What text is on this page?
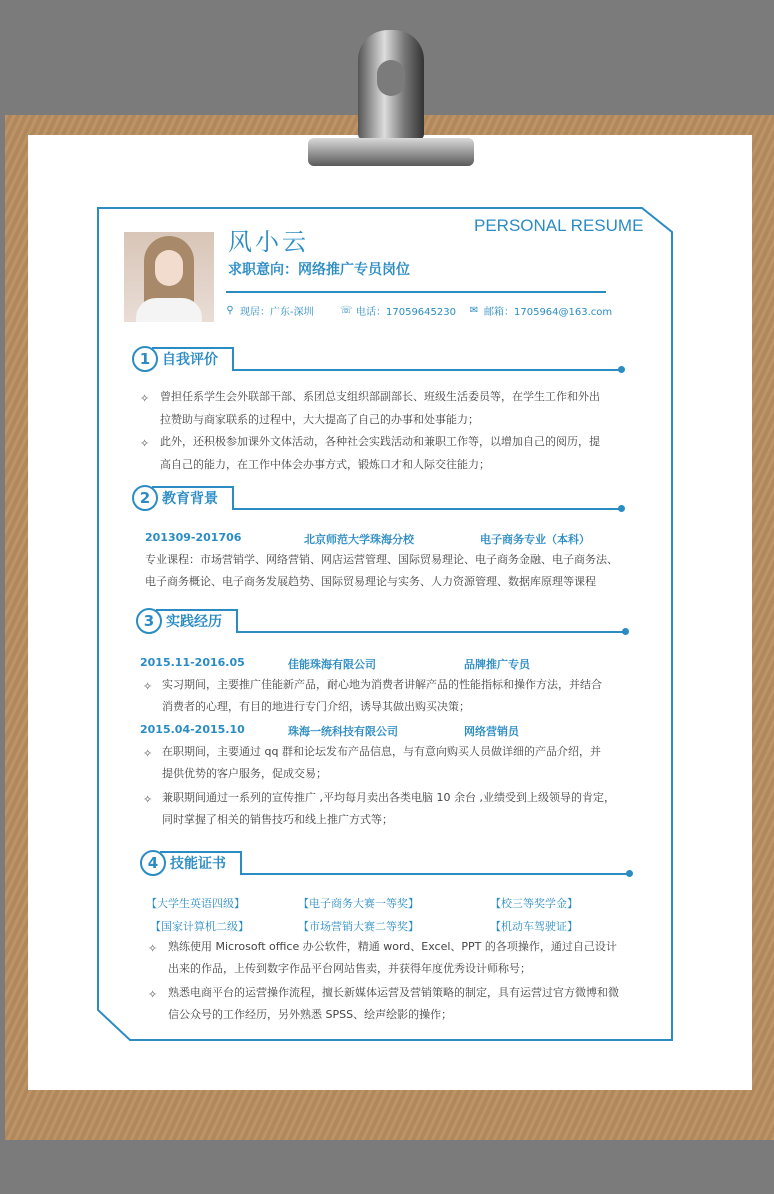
风小云
求职意向：网络推广专员岗位
PERSONAL RESUME
⚲ 现居：广东-深圳	☏ 电话：17059645230 ✉ 邮箱：1705964@163.com
自我评价
1
✧ 曾担任系学生会外联部干部、系团总支组织部副部长、班级生活委员等，在学生工作和外出
拉赞助与商家联系的过程中，大大提高了自己的办事和处事能力；
✧ 此外，还积极参加课外文体活动，各种社会实践活动和兼职工作等，以增加自己的阅历，提
高自己的能力，在工作中体会办事方式，锻炼口才和人际交往能力；
教育背景
2
201309-201706	北京师范大学珠海分校	电子商务专业（本科）
专业课程：市场营销学、网络营销、网店运营管理、国际贸易理论、电子商务金融、电子商务法、
电子商务概论、电子商务发展趋势、国际贸易理论与实务、人力资源管理、数据库原理等课程
实践经历
3
2015.11-2016.05	佳能珠海有限公司	品牌推广专员
✧ 实习期间，主要推广佳能新产品，耐心地为消费者讲解产品的性能指标和操作方法，并结合
消费者的心理，有目的地进行专门介绍，诱导其做出购买决策；
2015.04-2015.10	珠海一统科技有限公司	网络营销员
✧ 在职期间，主要通过 qq 群和论坛发布产品信息，与有意向购买人员做详细的产品介绍，并
提供优势的客户服务，促成交易；
✧ 兼职期间通过一系列的宣传推广 ,平均每月卖出各类电脑 10 余台 ,业绩受到上级领导的肯定，
同时掌握了相关的销售技巧和线上推广方式等；
技能证书
4
【大学生英语四级】	【电子商务大赛一等奖】	【校三等奖学金】
【国家计算机二级】	【市场营销大赛二等奖】	【机动车驾驶证】
✧ 熟练使用 Microsoft office 办公软件，精通 word、Excel、PPT 的各项操作，通过自己设计
出来的作品，上传到数字作品平台网站售卖，并获得年度优秀设计师称号；
✧ 熟悉电商平台的运营操作流程，擅长新媒体运营及营销策略的制定，具有运营过官方微博和微
信公众号的工作经历，另外熟悉 SPSS、绘声绘影的操作；
